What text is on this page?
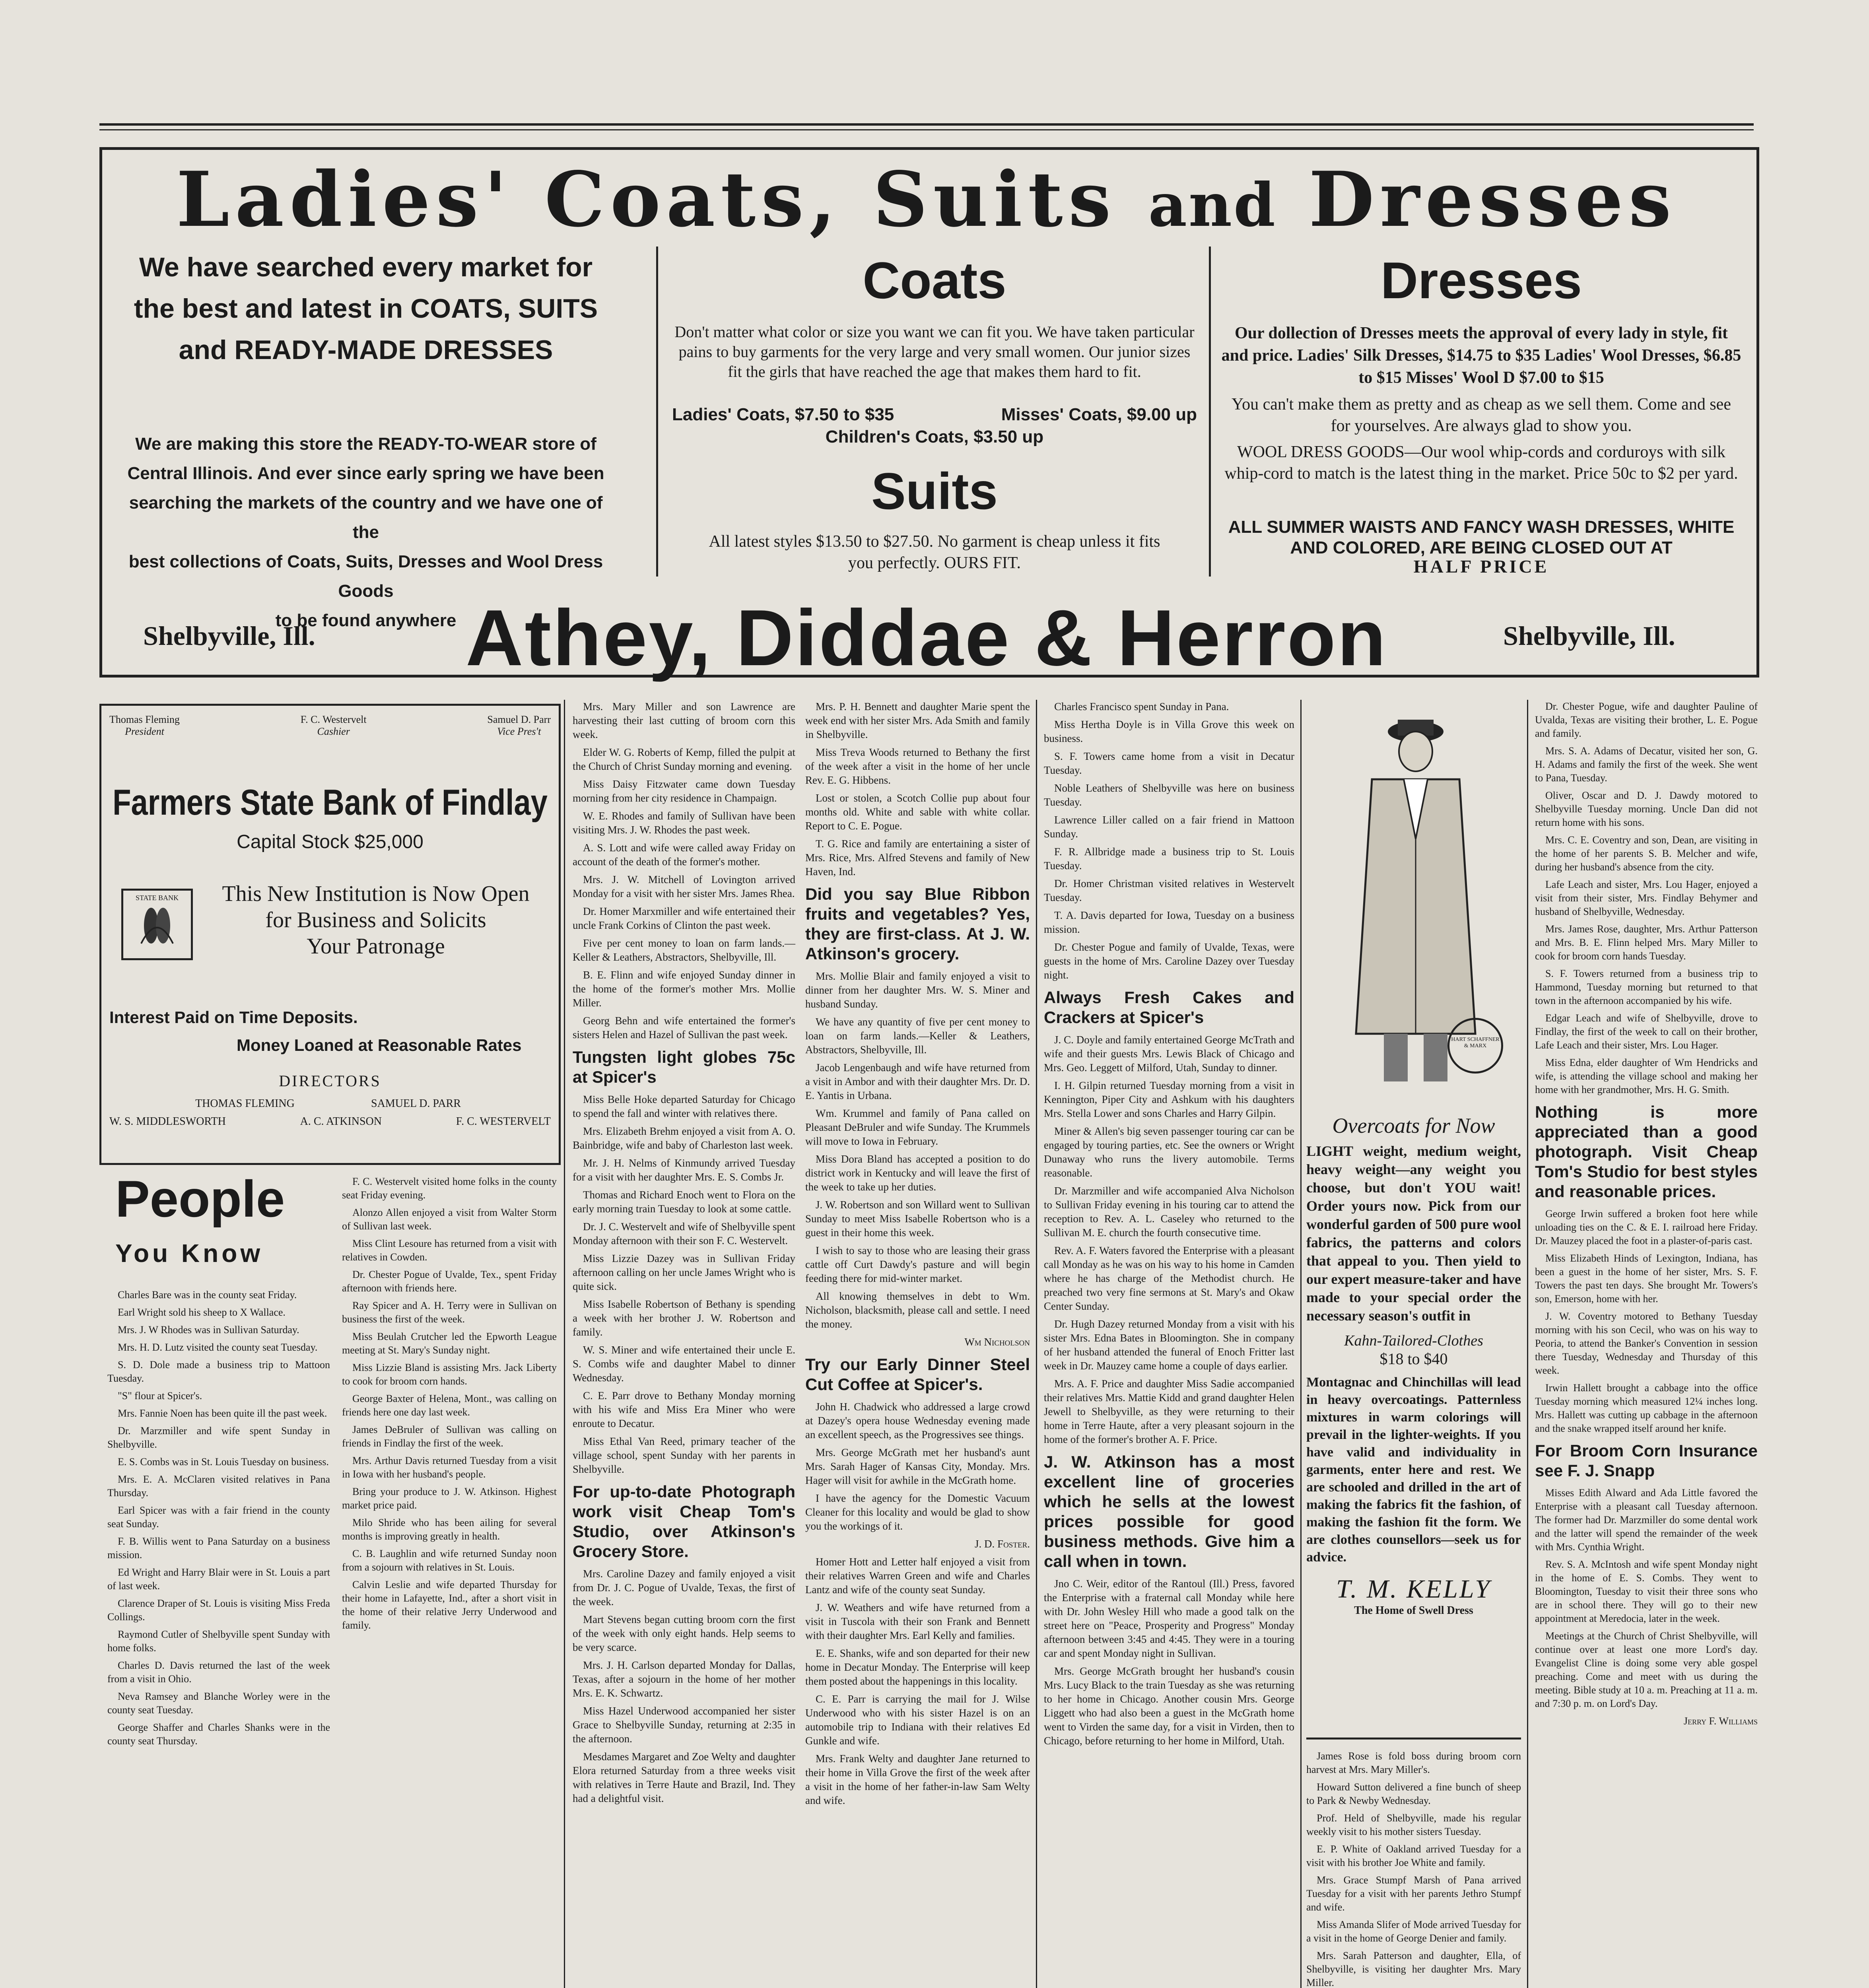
Ladies' Coats, Suits and Dresses
We have searched every market for
the best and latest in COATS, SUITS
and READY-MADE DRESSES
We are making this store the READY-TO-WEAR store of
Central Illinois. And ever since early spring we have been
searching the markets of the country and we have one of the
best collections of Coats, Suits, Dresses and Wool Dress Goods
to be found anywhere
Coats
Don't matter what color or size you want we can fit you. We have taken particular pains to buy garments for the very large and very small women. Our junior sizes fit the girls that have reached the age that makes them hard to fit.
Ladies' Coats, $7.50 to $35	Misses' Coats, $9.00 up
Children's Coats, $3.50 up
Suits
All latest styles $13.50 to $27.50. No garment is cheap unless it fits you perfectly. OURS FIT.
Dresses
Our dollection of Dresses meets the approval of every lady in style, fit and price. Ladies' Silk Dresses, $14.75 to $35 Ladies' Wool Dresses, $6.85 to $15 Misses' Wool D $7.00 to $15
You can't make them as pretty and as cheap as we sell them. Come and see for yourselves. Are always glad to show you.
WOOL DRESS GOODS—Our wool whip-cords and corduroys with silk whip-cord to match is the latest thing in the market. Price 50c to $2 per yard.
ALL SUMMER WAISTS AND FANCY WASH DRESSES, WHITE AND COLORED, ARE BEING CLOSED OUT AT
HALF PRICE
Shelbyville, Ill.	Athey, Diddae & Herron	Shelbyville, Ill.
Thomas Fleming
President
F. C. Westervelt
Cashier
Samuel D. Parr
Vice Pres't
Farmers State Bank of Findlay
Capital Stock $25,000
STATE BANK	This New Institution is Now Open
for Business and Solicits
Your Patronage
Interest Paid on Time Deposits.
Money Loaned at Reasonable Rates
DIRECTORS
THOMAS FLEMING	SAMUEL D. PARR
W. S. MIDDLESWORTH	A. C. ATKINSON	F. C. WESTERVELT
People
You Know

Charles Bare was in the county seat Friday.

Earl Wright sold his sheep to X Wallace.

Mrs. J. W Rhodes was in Sullivan Saturday.

Mrs. H. D. Lutz visited the county seat Tuesday.

S. D. Dole made a business trip to Mattoon Tuesday.

"S" flour at Spicer's.

Mrs. Fannie Noen has been quite ill the past week.

Dr. Marzmiller and wife spent Sunday in Shelbyville.

E. S. Combs was in St. Louis Tuesday on business.

Mrs. E. A. McClaren visited relatives in Pana Thursday.

Earl Spicer was with a fair friend in the county seat Sunday.

F. B. Willis went to Pana Saturday on a business mission.

Ed Wright and Harry Blair were in St. Louis a part of last week.

Clarence Draper of St. Louis is visiting Miss Freda Collings.

Raymond Cutler of Shelbyville spent Sunday with home folks.

Charles D. Davis returned the last of the week from a visit in Ohio.

Neva Ramsey and Blanche Worley were in the county seat Tuesday.

George Shaffer and Charles Shanks were in the county seat Thursday.

F. C. Westervelt visited home folks in the county seat Friday evening.

Alonzo Allen enjoyed a visit from Walter Storm of Sullivan last week.

Miss Clint Lesoure has returned from a visit with relatives in Cowden.

Dr. Chester Pogue of Uvalde, Tex., spent Friday afternoon with friends here.

Ray Spicer and A. H. Terry were in Sullivan on business the first of the week.

Miss Beulah Crutcher led the Epworth League meeting at St. Mary's Sunday night.

Miss Lizzie Bland is assisting Mrs. Jack Liberty to cook for broom corn hands.

George Baxter of Helena, Mont., was calling on friends here one day last week.

James DeBruler of Sullivan was calling on friends in Findlay the first of the week.

Mrs. Arthur Davis returned Tuesday from a visit in Iowa with her husband's people.

Bring your produce to J. W. Atkinson. Highest market price paid.

Milo Shride who has been ailing for several months is improving greatly in health.

C. B. Laughlin and wife returned Sunday noon from a sojourn with relatives in St. Louis.

Calvin Leslie and wife departed Thursday for their home in Lafayette, Ind., after a short visit in the home of their relative Jerry Underwood and family.

Mrs. Mary Miller and son Lawrence are harvesting their last cutting of broom corn this week.

Elder W. G. Roberts of Kemp, filled the pulpit at the Church of Christ Sunday morning and evening.

Miss Daisy Fitzwater came down Tuesday morning from her city residence in Champaign.

W. E. Rhodes and family of Sullivan have been visiting Mrs. J. W. Rhodes the past week.

A. S. Lott and wife were called away Friday on account of the death of the former's mother.

Mrs. J. W. Mitchell of Lovington arrived Monday for a visit with her sister Mrs. James Rhea.

Dr. Homer Marxmiller and wife entertained their uncle Frank Corkins of Clinton the past week.

Five per cent money to loan on farm lands.—Keller & Leathers, Abstractors, Shelbyville, Ill.

B. E. Flinn and wife enjoyed Sunday dinner in the home of the former's mother Mrs. Mollie Miller.

Georg Behn and wife entertained the former's sisters Helen and Hazel of Sullivan the past week.

Tungsten light globes 75c at Spicer's

Miss Belle Hoke departed Saturday for Chicago to spend the fall and winter with relatives there.

Mrs. Elizabeth Brehm enjoyed a visit from A. O. Bainbridge, wife and baby of Charleston last week.

Mr. J. H. Nelms of Kinmundy arrived Tuesday for a visit with her daughter Mrs. E. S. Combs Jr.

Thomas and Richard Enoch went to Flora on the early morning train Tuesday to look at some cattle.

Dr. J. C. Westervelt and wife of Shelbyville spent Monday afternoon with their son F. C. Westervelt.

Miss Lizzie Dazey was in Sullivan Friday afternoon calling on her uncle James Wright who is quite sick.

Miss Isabelle Robertson of Bethany is spending a week with her brother J. W. Robertson and family.

W. S. Miner and wife entertained their uncle E. S. Combs wife and daughter Mabel to dinner Wednesday.

C. E. Parr drove to Bethany Monday morning with his wife and Miss Era Miner who were enroute to Decatur.

Miss Ethal Van Reed, primary teacher of the village school, spent Sunday with her parents in Shelbyville.

For up-to-date Photograph work visit Cheap Tom's Studio, over Atkinson's Grocery Store.

Mrs. Caroline Dazey and family enjoyed a visit from Dr. J. C. Pogue of Uvalde, Texas, the first of the week.

Mart Stevens began cutting broom corn the first of the week with only eight hands. Help seems to be very scarce.

Mrs. J. H. Carlson departed Monday for Dallas, Texas, after a sojourn in the home of her mother Mrs. E. K. Schwartz.

Miss Hazel Underwood accompanied her sister Grace to Shelbyville Sunday, returning at 2:35 in the afternoon.

Mesdames Margaret and Zoe Welty and daughter Elora returned Saturday from a three weeks visit with relatives in Terre Haute and Brazil, Ind. They had a delightful visit.

Mrs. P. H. Bennett and daughter Marie spent the week end with her sister Mrs. Ada Smith and family in Shelbyville.

Miss Treva Woods returned to Bethany the first of the week after a visit in the home of her uncle Rev. E. G. Hibbens.

Lost or stolen, a Scotch Collie pup about four months old. White and sable with white collar. Report to C. E. Pogue.

T. G. Rice and family are entertaining a sister of Mrs. Rice, Mrs. Alfred Stevens and family of New Haven, Ind.

Did you say Blue Ribbon fruits and vegetables? Yes, they are first-class. At J. W. Atkinson's grocery.

Mrs. Mollie Blair and family enjoyed a visit to dinner from her daughter Mrs. W. S. Miner and husband Sunday.

We have any quantity of five per cent money to loan on farm lands.—Keller & Leathers, Abstractors, Shelbyville, Ill.

Jacob Lengenbaugh and wife have returned from a visit in Ambor and with their daughter Mrs. Dr. D. E. Yantis in Urbana.

Wm. Krummel and family of Pana called on Pleasant DeBruler and wife Sunday. The Krummels will move to Iowa in February.

Miss Dora Bland has accepted a position to do district work in Kentucky and will leave the first of the week to take up her duties.

J. W. Robertson and son Willard went to Sullivan Sunday to meet Miss Isabelle Robertson who is a guest in their home this week.

I wish to say to those who are leasing their grass cattle off Curt Dawdy's pasture and will begin feeding there for mid-winter market.

All knowing themselves in debt to Wm. Nicholson, blacksmith, please call and settle. I need the money.

Wm Nicholson

Try our Early Dinner Steel Cut Coffee at Spicer's.

John H. Chadwick who addressed a large crowd at Dazey's opera house Wednesday evening made an excellent speech, as the Progressives see things.

Mrs. George McGrath met her husband's aunt Mrs. Sarah Hager of Kansas City, Monday. Mrs. Hager will visit for awhile in the McGrath home.

I have the agency for the Domestic Vacuum Cleaner for this locality and would be glad to show you the workings of it.

J. D. Foster.

Homer Hott and Letter half enjoyed a visit from their relatives Warren Green and wife and Charles Lantz and wife of the county seat Sunday.

J. W. Weathers and wife have returned from a visit in Tuscola with their son Frank and Bennett with their daughter Mrs. Earl Kelly and families.

E. E. Shanks, wife and son departed for their new home in Decatur Monday. The Enterprise will keep them posted about the happenings in this locality.

C. E. Parr is carrying the mail for J. Wilse Underwood who with his sister Hazel is on an automobile trip to Indiana with their relatives Ed Gunkle and wife.

Mrs. Frank Welty and daughter Jane returned to their home in Villa Grove the first of the week after a visit in the home of her father-in-law Sam Welty and wife.

Charles Francisco spent Sunday in Pana.

Miss Hertha Doyle is in Villa Grove this week on business.

S. F. Towers came home from a visit in Decatur Tuesday.

Noble Leathers of Shelbyville was here on business Tuesday.

Lawrence Liller called on a fair friend in Mattoon Sunday.

F. R. Allbridge made a business trip to St. Louis Tuesday.

Dr. Homer Christman visited relatives in Westervelt Tuesday.

T. A. Davis departed for Iowa, Tuesday on a business mission.

Dr. Chester Pogue and family of Uvalde, Texas, were guests in the home of Mrs. Caroline Dazey over Tuesday night.

Always Fresh Cakes and Crackers at Spicer's

J. C. Doyle and family entertained George McTrath and wife and their guests Mrs. Lewis Black of Chicago and Mrs. Geo. Leggett of Milford, Utah, Sunday to dinner.

I. H. Gilpin returned Tuesday morning from a visit in Kennington, Piper City and Ashkum with his daughters Mrs. Stella Lower and sons Charles and Harry Gilpin.

Miner & Allen's big seven passenger touring car can be engaged by touring parties, etc. See the owners or Wright Dunaway who runs the livery automobile. Terms reasonable.

Dr. Marzmiller and wife accompanied Alva Nicholson to Sullivan Friday evening in his touring car to attend the reception to Rev. A. L. Caseley who returned to the Sullivan M. E. church the fourth consecutive time.

Rev. A. F. Waters favored the Enterprise with a pleasant call Monday as he was on his way to his home in Camden where he has charge of the Methodist church. He preached two very fine sermons at St. Mary's and Okaw Center Sunday.

Dr. Hugh Dazey returned Monday from a visit with his sister Mrs. Edna Bates in Bloomington. She in company of her husband attended the funeral of Enoch Fritter last week in Dr. Mauzey came home a couple of days earlier.

Mrs. A. F. Price and daughter Miss Sadie accompanied their relatives Mrs. Mattie Kidd and grand daughter Helen Jewell to Shelbyville, as they were returning to their home in Terre Haute, after a very pleasant sojourn in the home of the former's brother A. F. Price.

J. W. Atkinson has a most excellent line of groceries which he sells at the lowest prices possible for good business methods. Give him a call when in town.

Jno C. Weir, editor of the Rantoul (Ill.) Press, favored the Enterprise with a fraternal call Monday while here with Dr. John Wesley Hill who made a good talk on the street here on "Peace, Prosperity and Progress" Monday afternoon between 3:45 and 4:45. They were in a touring car and spent Monday night in Sullivan.

Mrs. George McGrath brought her husband's cousin Mrs. Lucy Black to the train Tuesday as she was returning to her home in Chicago. Another cousin Mrs. George Liggett who had also been a guest in the McGrath home went to Virden the same day, for a visit in Virden, then to Chicago, before returning to her home in Milford, Utah.

HART SCHAFFNER & MARX
Overcoats for Now
LIGHT weight, medium weight, heavy weight—any weight you choose, but don't YOU wait! Order yours now. Pick from our wonderful garden of 500 pure wool fabrics, the patterns and colors that appeal to you. Then yield to our expert measure-taker and have made to your special order the necessary season's outfit in
Kahn-Tailored-Clothes
$18 to $40
Montagnac and Chinchillas will lead in heavy overcoatings. Patternless mixtures in warm colorings will prevail in the lighter-weights. If you have valid and individuality in garments, enter here and rest. We are schooled and drilled in the art of making the fabrics fit the fashion, of making the fashion fit the form. We are clothes counsellors—seek us for advice.
T. M. KELLY
The Home of Swell Dress

James Rose is fold boss during broom corn harvest at Mrs. Mary Miller's.

Howard Sutton delivered a fine bunch of sheep to Park & Newby Wednesday.

Prof. Held of Shelbyville, made his regular weekly visit to his mother sisters Tuesday.

E. P. White of Oakland arrived Tuesday for a visit with his brother Joe White and family.

Mrs. Grace Stumpf Marsh of Pana arrived Tuesday for a visit with her parents Jethro Stumpf and wife.

Miss Amanda Slifer of Mode arrived Tuesday for a visit in the home of George Denier and family.

Mrs. Sarah Patterson and daughter, Ella, of Shelbyville, is visiting her daughter Mrs. Mary Miller.

Dr. Chester Pogue, wife and daughter Pauline of Uvalda, Texas are visiting their brother, L. E. Pogue and family.

Mrs. S. A. Adams of Decatur, visited her son, G. H. Adams and family the first of the week. She went to Pana, Tuesday.

Oliver, Oscar and D. J. Dawdy motored to Shelbyville Tuesday morning. Uncle Dan did not return home with his sons.

Mrs. C. E. Coventry and son, Dean, are visiting in the home of her parents S. B. Melcher and wife, during her husband's absence from the city.

Lafe Leach and sister, Mrs. Lou Hager, enjoyed a visit from their sister, Mrs. Findlay Behymer and husband of Shelbyville, Wednesday.

Mrs. James Rose, daughter, Mrs. Arthur Patterson and Mrs. B. E. Flinn helped Mrs. Mary Miller to cook for broom corn hands Tuesday.

S. F. Towers returned from a business trip to Hammond, Tuesday morning but returned to that town in the afternoon accompanied by his wife.

Edgar Leach and wife of Shelbyville, drove to Findlay, the first of the week to call on their brother, Lafe Leach and their sister, Mrs. Lou Hager.

Miss Edna, elder daughter of Wm Hendricks and wife, is attending the village school and making her home with her grandmother, Mrs. H. G. Smith.

Nothing is more appreciated than a good photograph. Visit Cheap Tom's Studio for best styles and reasonable prices.

George Irwin suffered a broken foot here while unloading ties on the C. & E. I. railroad here Friday. Dr. Mauzey placed the foot in a plaster-of-paris cast.

Miss Elizabeth Hinds of Lexington, Indiana, has been a guest in the home of her sister, Mrs. S. F. Towers the past ten days. She brought Mr. Towers's son, Emerson, home with her.

J. W. Coventry motored to Bethany Tuesday morning with his son Cecil, who was on his way to Peoria, to attend the Banker's Convention in session there Tuesday, Wednesday and Thursday of this week.

Irwin Hallett brought a cabbage into the office Tuesday morning which measured 12¼ inches long. Mrs. Hallett was cutting up cabbage in the afternoon and the snake wrapped itself around her knife.

For Broom Corn Insurance see F. J. Snapp

Misses Edith Alward and Ada Little favored the Enterprise with a pleasant call Tuesday afternoon. The former had Dr. Marzmiller do some dental work and the latter will spend the remainder of the week with Mrs. Cynthia Wright.

Rev. S. A. McIntosh and wife spent Monday night in the home of E. S. Combs. They went to Bloomington, Tuesday to visit their three sons who are in school there. They will go to their new appointment at Meredocia, later in the week.

Meetings at the Church of Christ Shelbyville, will continue over at least one more Lord's day. Evangelist Cline is doing some very able gospel preaching. Come and meet with us during the meeting. Bible study at 10 a. m. Preaching at 11 a. m. and 7:30 p. m. on Lord's Day.

Jerry F. Williams
